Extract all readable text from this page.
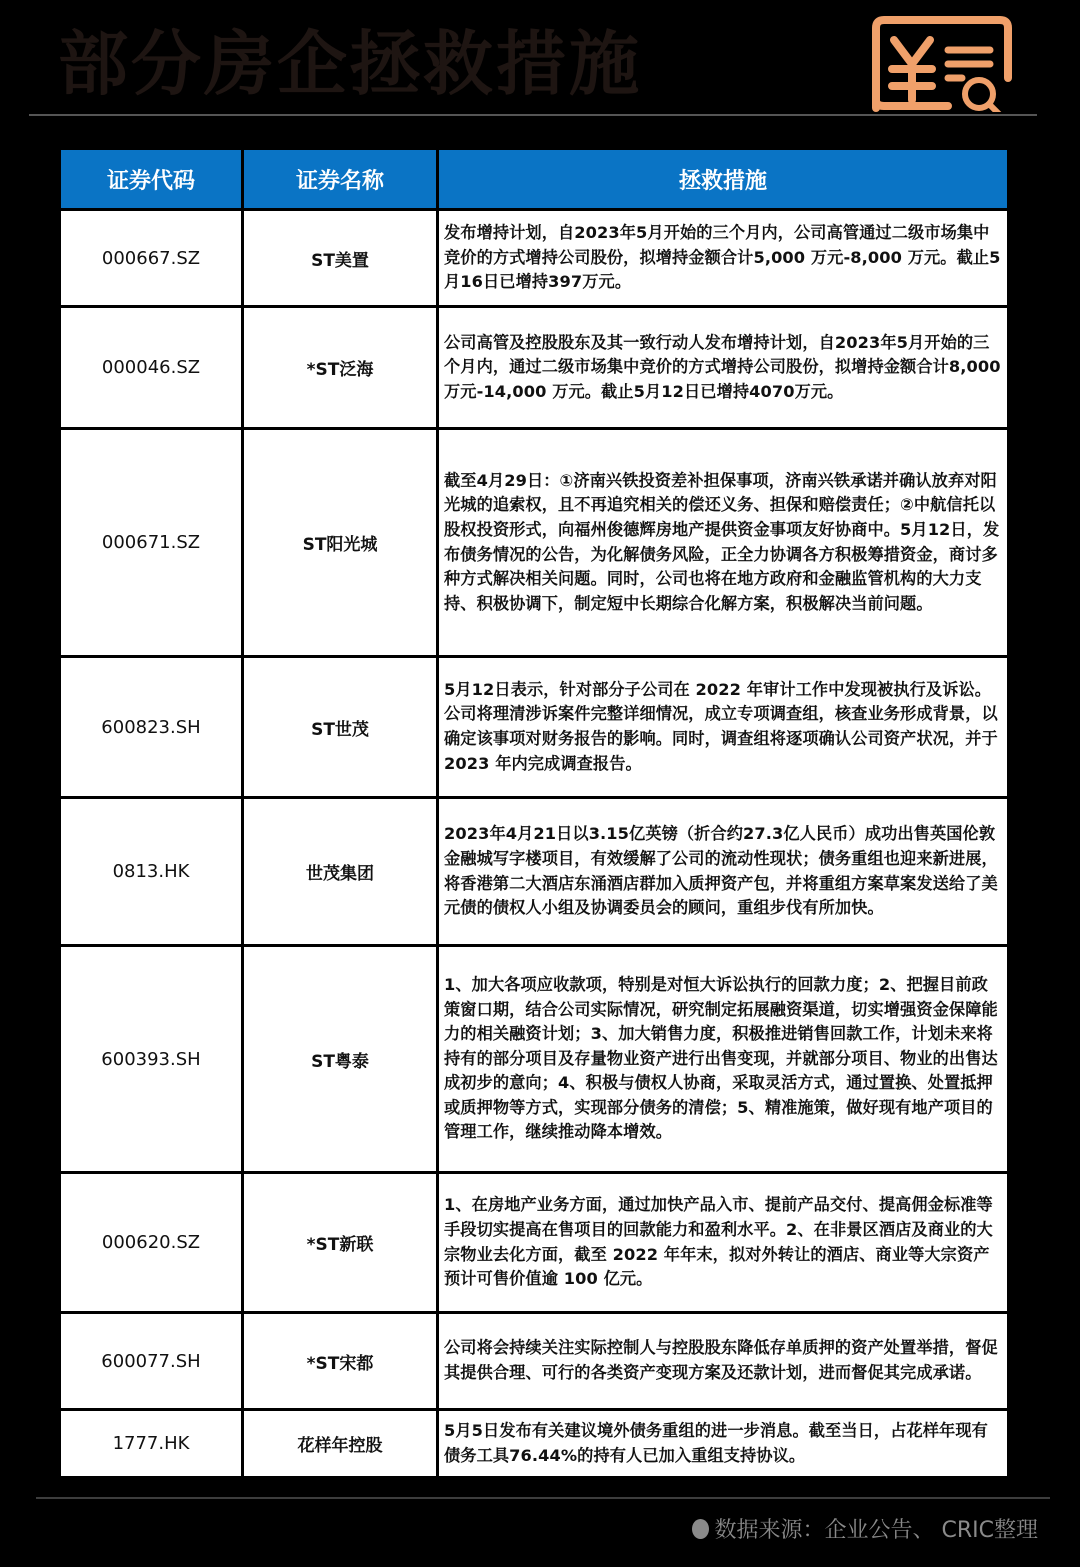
部分房企拯救措施
证券代码	证券名称	拯救措施
000667.SZ	ST美置	发布增持计划，自2023年5月开始的三个月内，公司高管通过二级市场集中竞价的方式增持公司股份，拟增持金额合计5,000 万元-8,000 万元。截止5月16日已增持397万元。
000046.SZ	*ST泛海	公司高管及控股股东及其一致行动人发布增持计划，自2023年5月开始的三个月内，通过二级市场集中竞价的方式增持公司股份，拟增持金额合计8,000 万元-14,000 万元。截止5月12日已增持4070万元。
000671.SZ	ST阳光城	截至4月29日：①济南兴铁投资差补担保事项，济南兴铁承诺并确认放弃对阳光城的追索权，且不再追究相关的偿还义务、担保和赔偿责任；②中航信托以股权投资形式，向福州俊德辉房地产提供资金事项友好协商中。5月12日，发布债务情况的公告，为化解债务风险，正全力协调各方积极筹措资金，商讨多种方式解决相关问题。同时，公司也将在地方政府和金融监管机构的大力支持、积极协调下，制定短中长期综合化解方案，积极解决当前问题。
600823.SH	ST世茂	5月12日表示，针对部分子公司在 2022 年审计工作中发现被执行及诉讼。公司将理清涉诉案件完整详细情况，成立专项调查组，核查业务形成背景，以确定该事项对财务报告的影响。同时，调查组将逐项确认公司资产状况，并于 2023 年内完成调查报告。
0813.HK	世茂集团	2023年4月21日以3.15亿英镑（折合约27.3亿人民币）成功出售英国伦敦金融城写字楼项目，有效缓解了公司的流动性现状；债务重组也迎来新进展，将香港第二大酒店东涌酒店群加入质押资产包，并将重组方案草案发送给了美元债的债权人小组及协调委员会的顾问，重组步伐有所加快。
600393.SH	ST粤泰	1、加大各项应收款项，特别是对恒大诉讼执行的回款力度；2、把握目前政策窗口期，结合公司实际情况，研究制定拓展融资渠道，切实增强资金保障能力的相关融资计划；3、加大销售力度，积极推进销售回款工作，计划未来将持有的部分项目及存量物业资产进行出售变现，并就部分项目、物业的出售达成初步的意向；4、积极与债权人协商，采取灵活方式，通过置换、处置抵押或质押物等方式，实现部分债务的清偿；5、精准施策，做好现有地产项目的管理工作，继续推动降本增效。
000620.SZ	*ST新联	1、在房地产业务方面，通过加快产品入市、提前产品交付、提高佣金标准等手段切实提高在售项目的回款能力和盈利水平。2、在非景区酒店及商业的大宗物业去化方面，截至 2022 年年末，拟对外转让的酒店、商业等大宗资产预计可售价值逾 100 亿元。
600077.SH	*ST宋都	公司将会持续关注实际控制人与控股股东降低存单质押的资产处置举措，督促其提供合理、可行的各类资产变现方案及还款计划，进而督促其完成承诺。
1777.HK	花样年控股	5月5日发布有关建议境外债务重组的进一步消息。截至当日，占花样年现有债务工具76.44%的持有人已加入重组支持协议。
数据来源：企业公告、 CRIC整理
